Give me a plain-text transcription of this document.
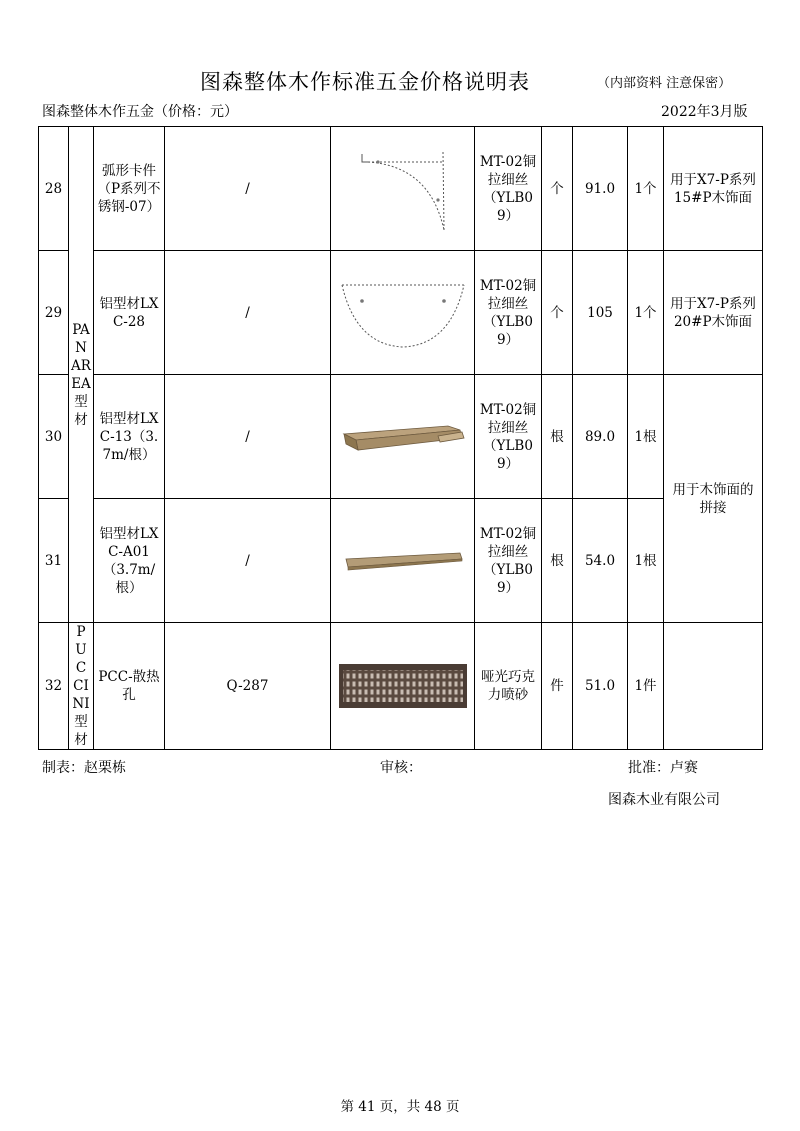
图森整体木作标准五金价格说明表	（内部资料 注意保密）
图森整体木作五金（价格：元）	2022年3月版
28	PANAREA型材	弧形卡件（P系列不锈钢-07）	/		MT-02铜拉细丝（YLB09）	个	91.0	1个	用于X7-P系列15#P木饰面
29		铝型材LXC-28	/		MT-02铜拉细丝（YLB09）	个	105	1个	用于X7-P系列20#P木饰面
30		铝型材LXC-13（3.7m/根）	/		MT-02铜拉细丝（YLB09）	根	89.0	1根	用于木饰面的拼接
31		铝型材LXC-A01（3.7m/根）	/		MT-02铜拉细丝（YLB09）	根	54.0	1根	
32	PUCCINI型材	PCC-散热孔	Q-287		哑光巧克力喷砂	件	51.0	1件	
制表：赵栗栋	审核：	批准：卢赛
图森木业有限公司
第 41 页，共 48 页
